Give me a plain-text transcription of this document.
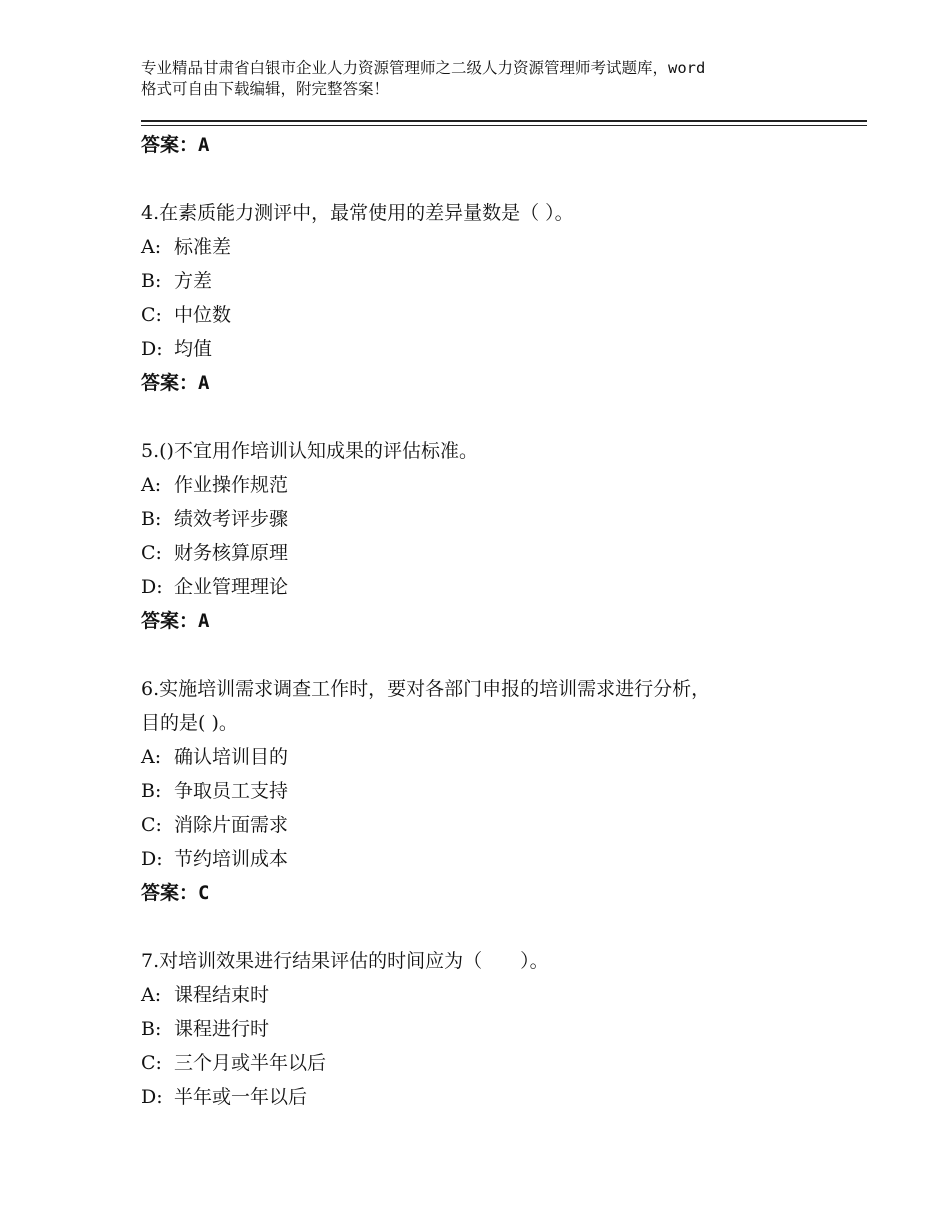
专业精品甘肃省白银市企业人力资源管理师之二级人力资源管理师考试题库，word
格式可自由下载编辑，附完整答案！
答案：A
4.在素质能力测评中，最常使用的差异量数是（ ）。
A: 标准差
B: 方差
C: 中位数
D: 均值
答案：A
5.()不宜用作培训认知成果的评估标准。
A: 作业操作规范
B: 绩效考评步骤
C: 财务核算原理
D: 企业管理理论
答案：A
6.实施培训需求调查工作时，要对各部门申报的培训需求进行分析，
目的是( )。
A: 确认培训目的
B: 争取员工支持
C: 消除片面需求
D: 节约培训成本
答案：C
7.对培训效果进行结果评估的时间应为（　　）。
A: 课程结束时
B: 课程进行时
C: 三个月或半年以后
D: 半年或一年以后
